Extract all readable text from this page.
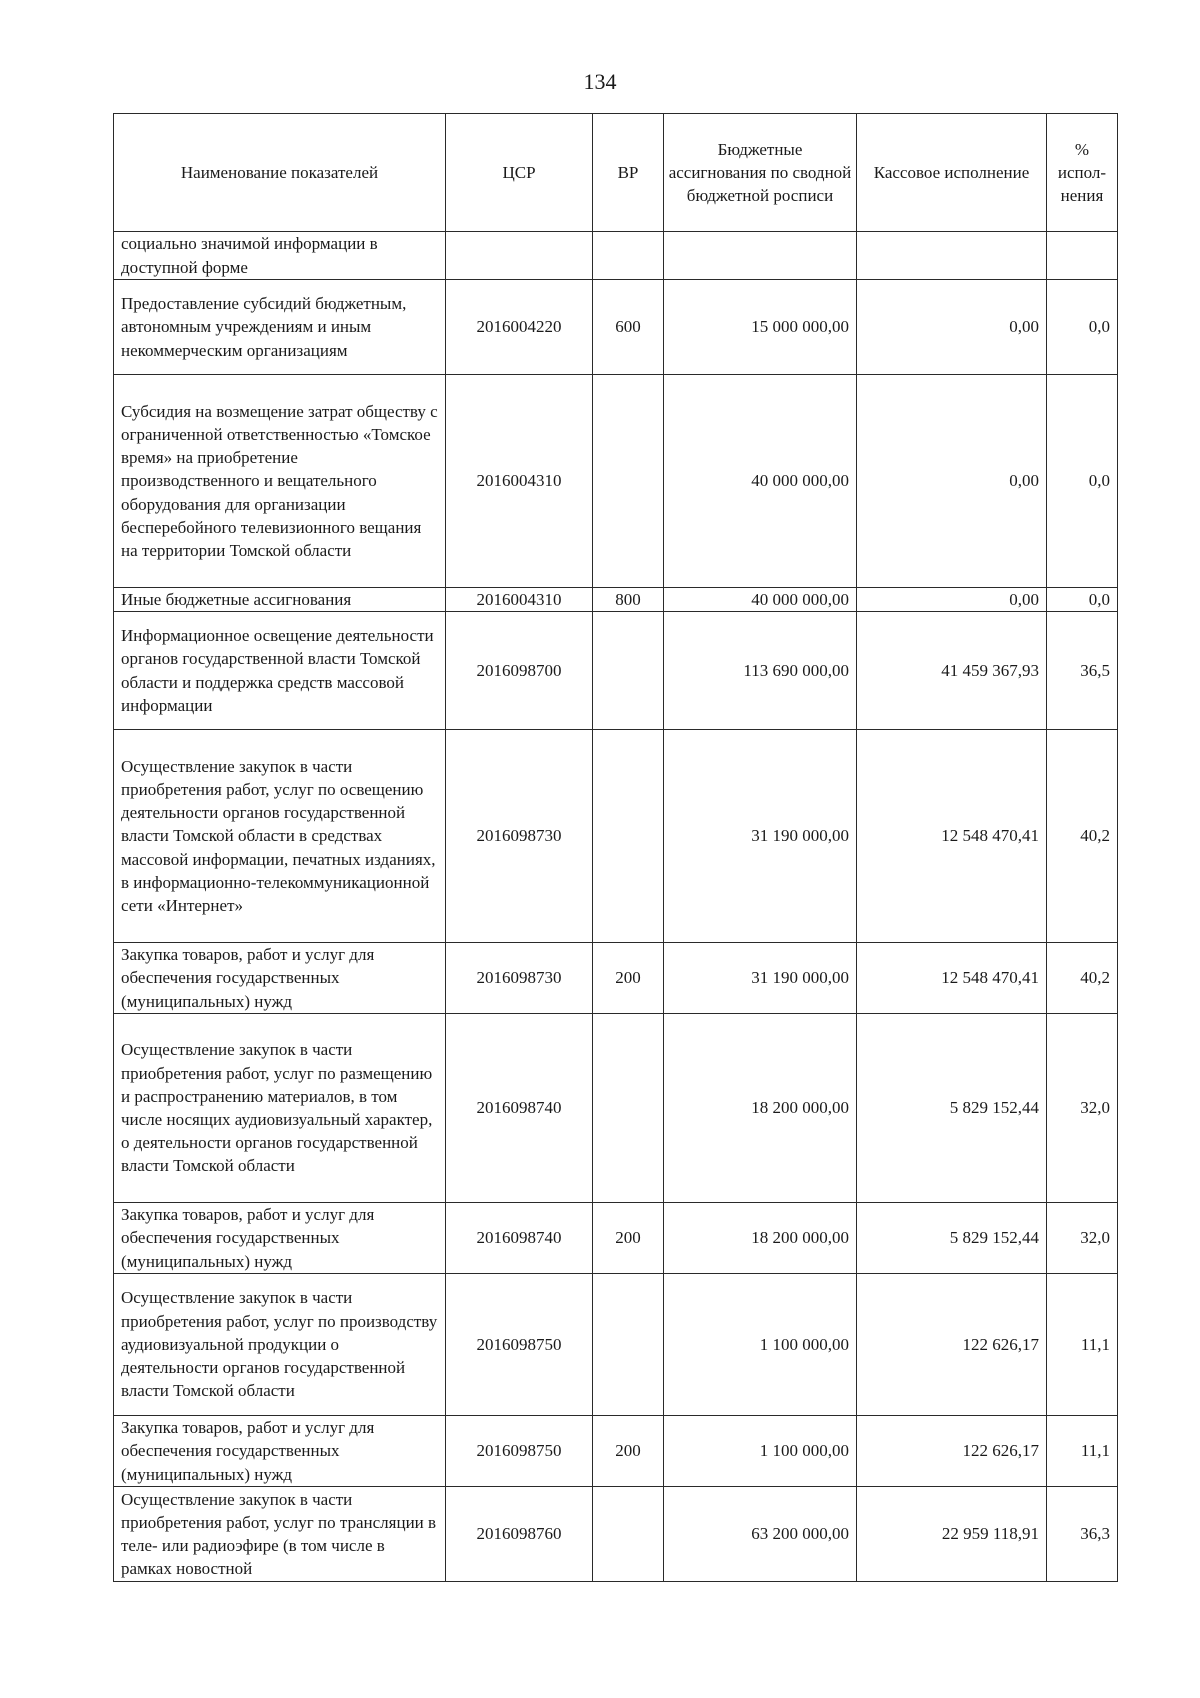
134
Наименование показателей	ЦСР	ВР	Бюджетные ассигнования по сводной бюджетной росписи	Кассовое исполнение	% испол-нения
социально значимой информации в доступной форме					
Предоставление субсидий бюджетным, автономным учреждениям и иным некоммерческим организациям	2016004220	600	15 000 000,00	0,00	0,0
Субсидия на возмещение затрат обществу с ограниченной ответственностью «Томское время» на приобретение производственного и вещательного оборудования для организации бесперебойного телевизионного вещания на территории Томской области	2016004310		40 000 000,00	0,00	0,0
Иные бюджетные ассигнования	2016004310	800	40 000 000,00	0,00	0,0
Информационное освещение деятельности органов государственной власти Томской области и поддержка средств массовой информации	2016098700		113 690 000,00	41 459 367,93	36,5
Осуществление закупок в части приобретения работ, услуг по освещению деятельности органов государственной власти Томской области в средствах массовой информации, печатных изданиях, в информационно-телекоммуникационной сети «Интернет»	2016098730		31 190 000,00	12 548 470,41	40,2
Закупка товаров, работ и услуг для обеспечения государственных (муниципальных) нужд	2016098730	200	31 190 000,00	12 548 470,41	40,2
Осуществление закупок в части приобретения работ, услуг по размещению и распространению материалов, в том числе носящих аудиовизуальный характер, о деятельности органов государственной власти Томской области	2016098740		18 200 000,00	5 829 152,44	32,0
Закупка товаров, работ и услуг для обеспечения государственных (муниципальных) нужд	2016098740	200	18 200 000,00	5 829 152,44	32,0
Осуществление закупок в части приобретения работ, услуг по производству аудиовизуальной продукции о деятельности органов государственной власти Томской области	2016098750		1 100 000,00	122 626,17	11,1
Закупка товаров, работ и услуг для обеспечения государственных (муниципальных) нужд	2016098750	200	1 100 000,00	122 626,17	11,1
Осуществление закупок в части приобретения работ, услуг по трансляции в теле- или радиоэфире (в том числе в рамках новостной	2016098760		63 200 000,00	22 959 118,91	36,3
